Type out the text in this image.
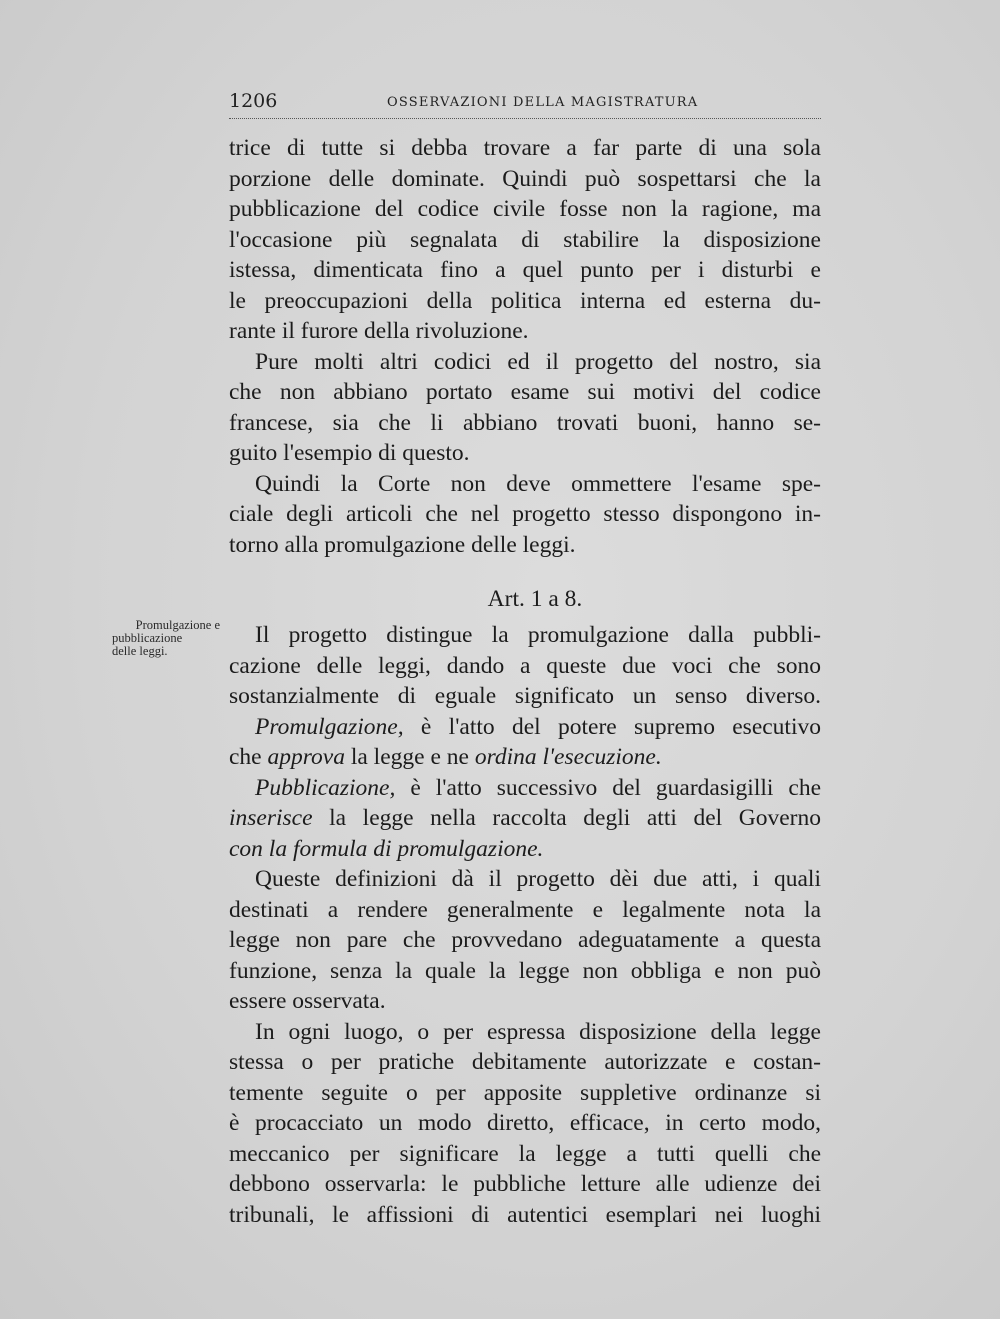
1206	OSSERVAZIONI DELLA MAGISTRATURA
Promulgazione e
pubblicazione
delle leggi.
trice di tutte si debba trovare a far parte di una sola
porzione delle dominate. Quindi può sospettarsi che la
pubblicazione del codice civile fosse non la ragione, ma
l'occasione più segnalata di stabilire la disposizione
istessa, dimenticata fino a quel punto per i disturbi e
le preoccupazioni della politica interna ed esterna du-
rante il furore della rivoluzione.
Pure molti altri codici ed il progetto del nostro, sia
che non abbiano portato esame sui motivi del codice
francese, sia che li abbiano trovati buoni, hanno se-
guito l'esempio di questo.
Quindi la Corte non deve ommettere l'esame spe-
ciale degli articoli che nel progetto stesso dispongono in-
torno alla promulgazione delle leggi.
Art. 1 a 8.
Il progetto distingue la promulgazione dalla pubbli-
cazione delle leggi, dando a queste due voci che sono
sostanzialmente di eguale significato un senso diverso.
Promulgazione, è l'atto del potere supremo esecutivo
che approva la legge e ne ordina l'esecuzione.
Pubblicazione, è l'atto successivo del guardasigilli che
inserisce la legge nella raccolta degli atti del Governo
con la formula di promulgazione.
Queste definizioni dà il progetto dèi due atti, i quali
destinati a rendere generalmente e legalmente nota la
legge non pare che provvedano adeguatamente a questa
funzione, senza la quale la legge non obbliga e non può
essere osservata.
In ogni luogo, o per espressa disposizione della legge
stessa o per pratiche debitamente autorizzate e costan-
temente seguite o per apposite suppletive ordinanze si
è procacciato un modo diretto, efficace, in certo modo,
meccanico per significare la legge a tutti quelli che
debbono osservarla: le pubbliche letture alle udienze dei
tribunali, le affissioni di autentici esemplari nei luoghi
